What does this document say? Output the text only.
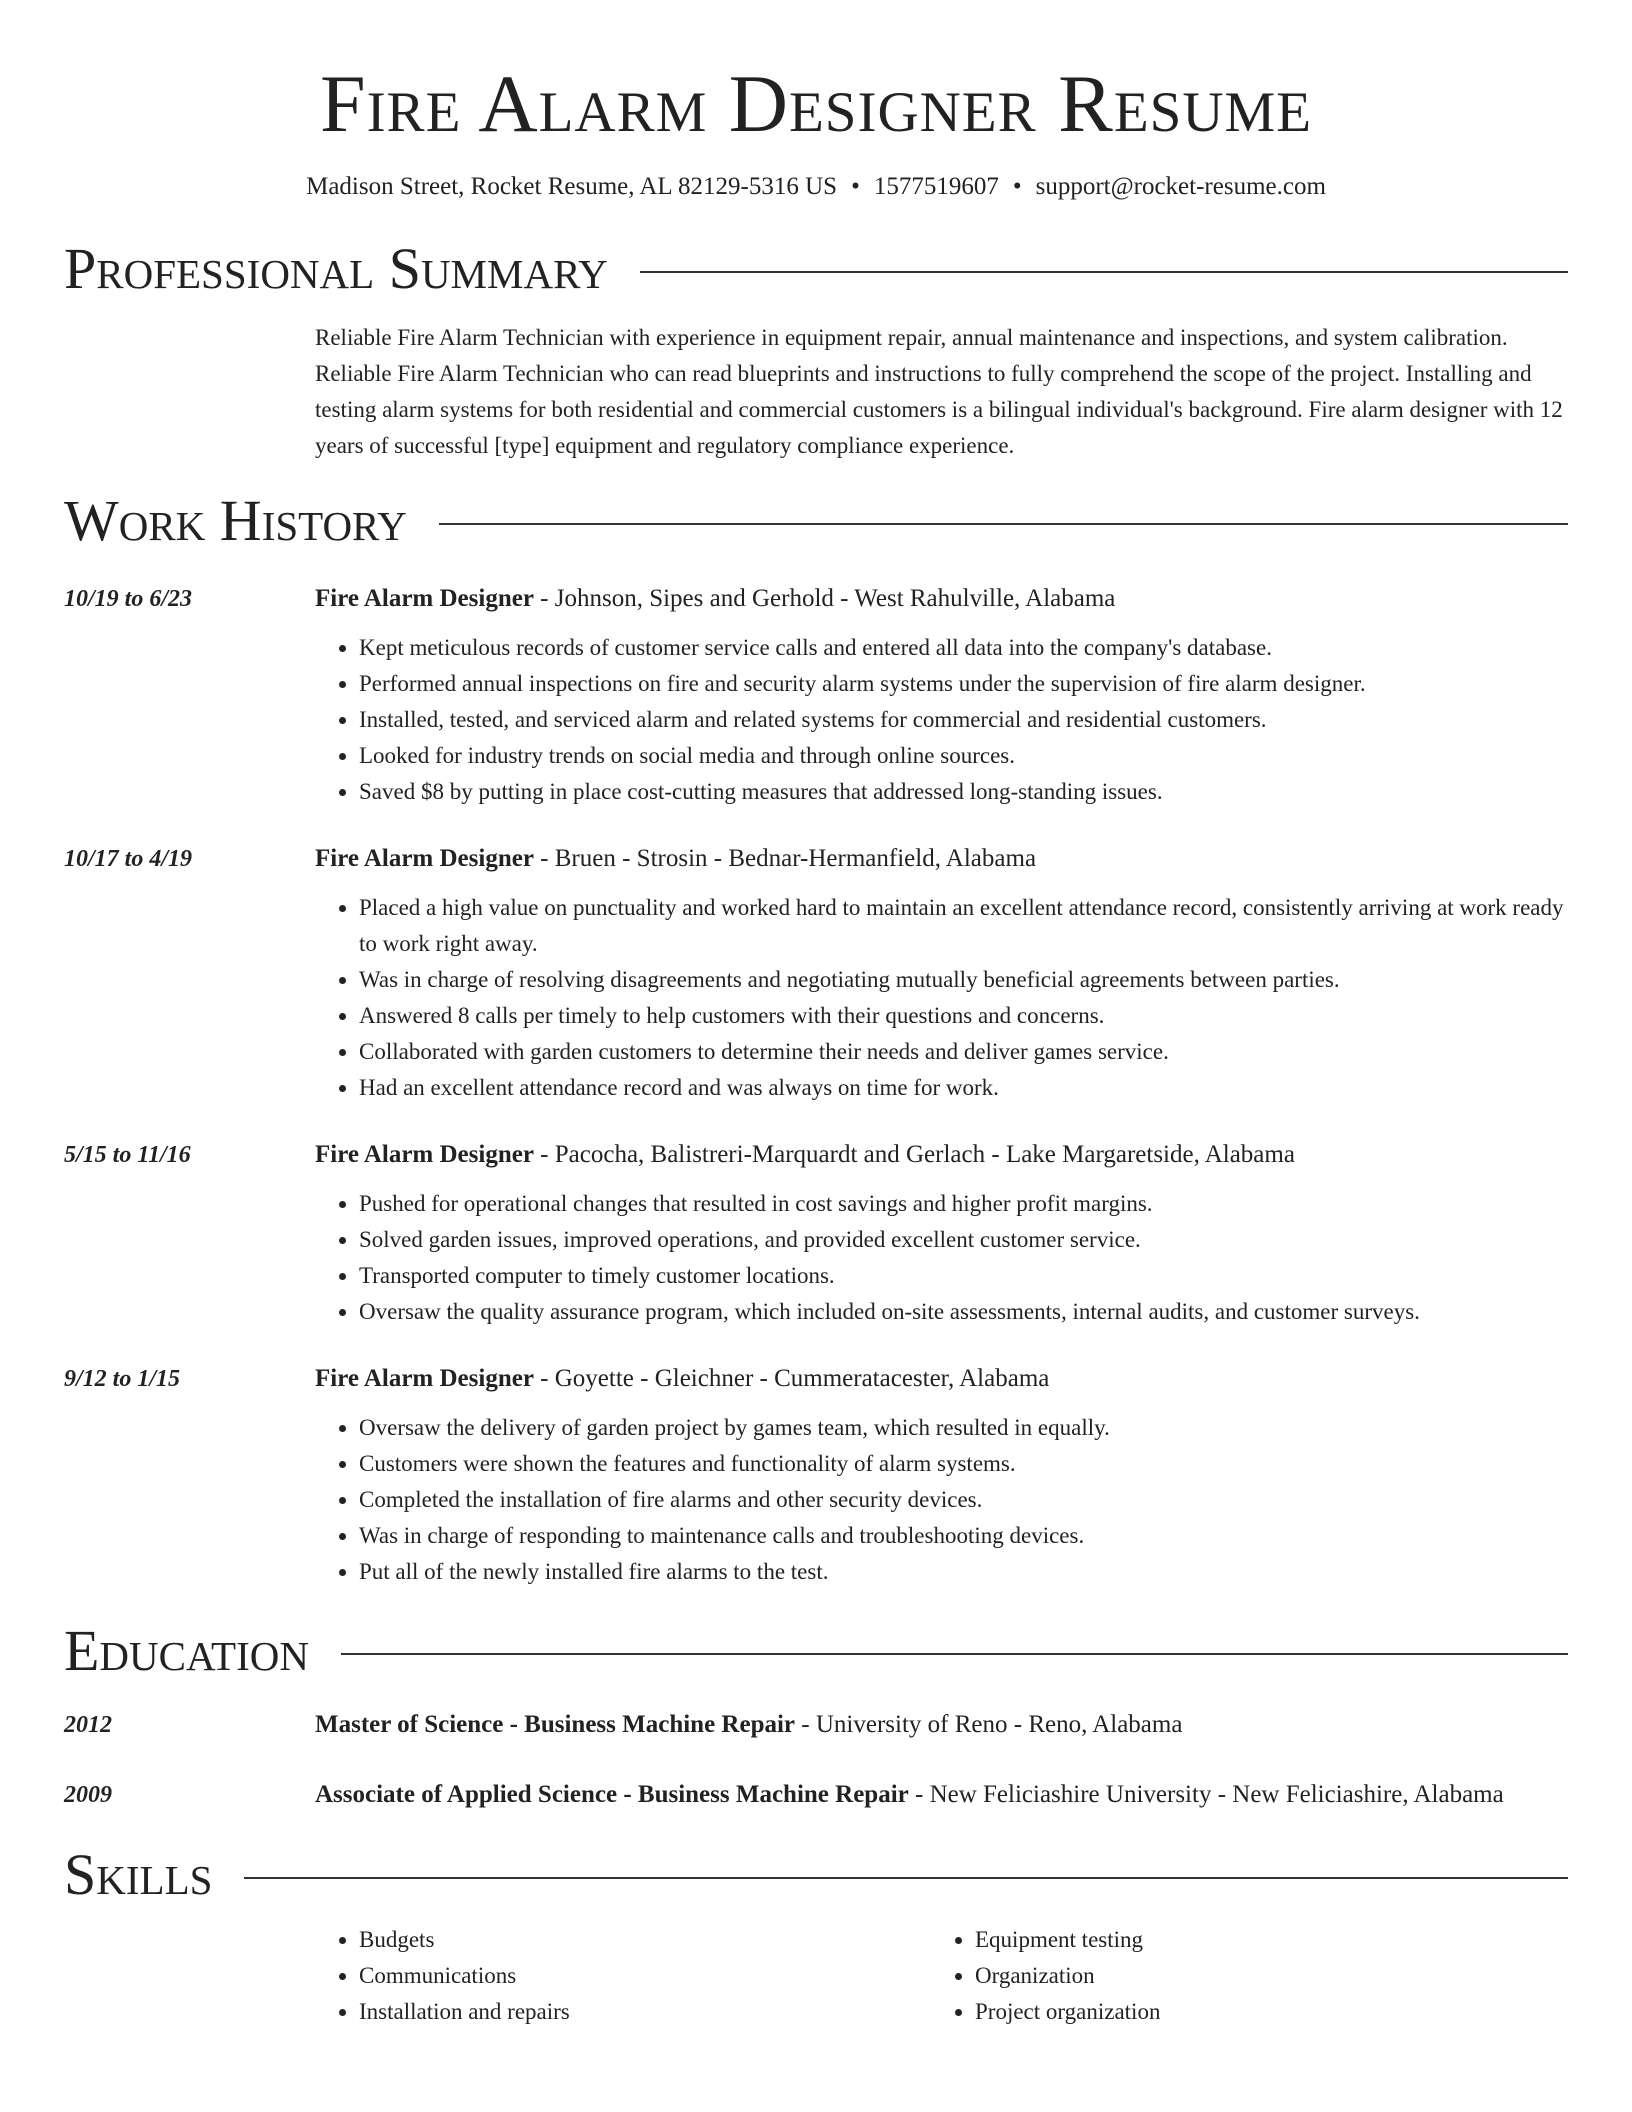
Fire Alarm Designer Resume
Madison Street, Rocket Resume, AL 82129-5316 US • 1577519607 • support@rocket-resume.com
Professional Summary
Reliable Fire Alarm Technician with experience in equipment repair, annual maintenance and inspections, and system calibration. Reliable Fire Alarm Technician who can read blueprints and instructions to fully comprehend the scope of the project. Installing and testing alarm systems for both residential and commercial customers is a bilingual individual's background. Fire alarm designer with 12 years of successful [type] equipment and regulatory compliance experience.
Work History
10/19 to 6/23	Fire Alarm Designer - Johnson, Sipes and Gerhold - West Rahulville, Alabama
• Kept meticulous records of customer service calls and entered all data into the company's database.
• Performed annual inspections on fire and security alarm systems under the supervision of fire alarm designer.
• Installed, tested, and serviced alarm and related systems for commercial and residential customers.
• Looked for industry trends on social media and through online sources.
• Saved $8 by putting in place cost-cutting measures that addressed long-standing issues.
10/17 to 4/19	Fire Alarm Designer - Bruen - Strosin - Bednar-Hermanfield, Alabama
• Placed a high value on punctuality and worked hard to maintain an excellent attendance record, consistently arriving at work ready to work right away.
• Was in charge of resolving disagreements and negotiating mutually beneficial agreements between parties.
• Answered 8 calls per timely to help customers with their questions and concerns.
• Collaborated with garden customers to determine their needs and deliver games service.
• Had an excellent attendance record and was always on time for work.
5/15 to 11/16	Fire Alarm Designer - Pacocha, Balistreri-Marquardt and Gerlach - Lake Margaretside, Alabama
• Pushed for operational changes that resulted in cost savings and higher profit margins.
• Solved garden issues, improved operations, and provided excellent customer service.
• Transported computer to timely customer locations.
• Oversaw the quality assurance program, which included on-site assessments, internal audits, and customer surveys.
9/12 to 1/15	Fire Alarm Designer - Goyette - Gleichner - Cummeratacester, Alabama
• Oversaw the delivery of garden project by games team, which resulted in equally.
• Customers were shown the features and functionality of alarm systems.
• Completed the installation of fire alarms and other security devices.
• Was in charge of responding to maintenance calls and troubleshooting devices.
• Put all of the newly installed fire alarms to the test.
Education
2012	Master of Science - Business Machine Repair - University of Reno - Reno, Alabama
2009	Associate of Applied Science - Business Machine Repair - New Feliciashire University - New Feliciashire, Alabama
Skills
• Budgets
• Communications
• Installation and repairs
• Equipment testing
• Organization
• Project organization
